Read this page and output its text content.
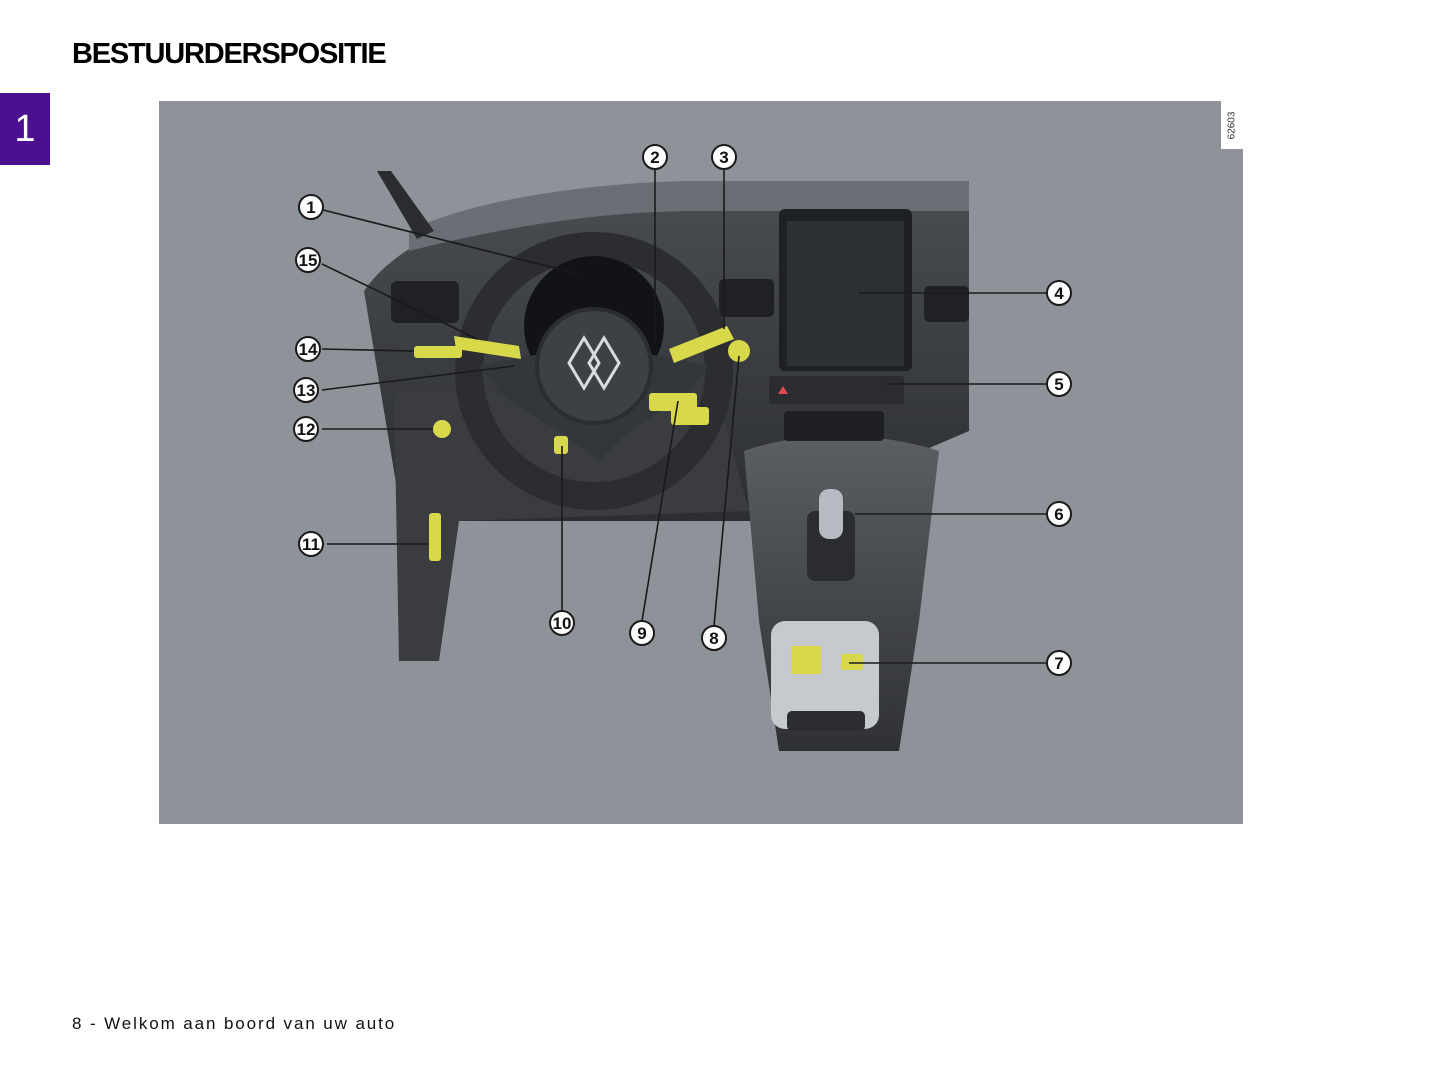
BESTUURDERSPOSITIE
1
1
2	3
4
5
6
7
8
9
10
11
12
13
14
15
62603
8 - Welkom aan boord van uw auto
